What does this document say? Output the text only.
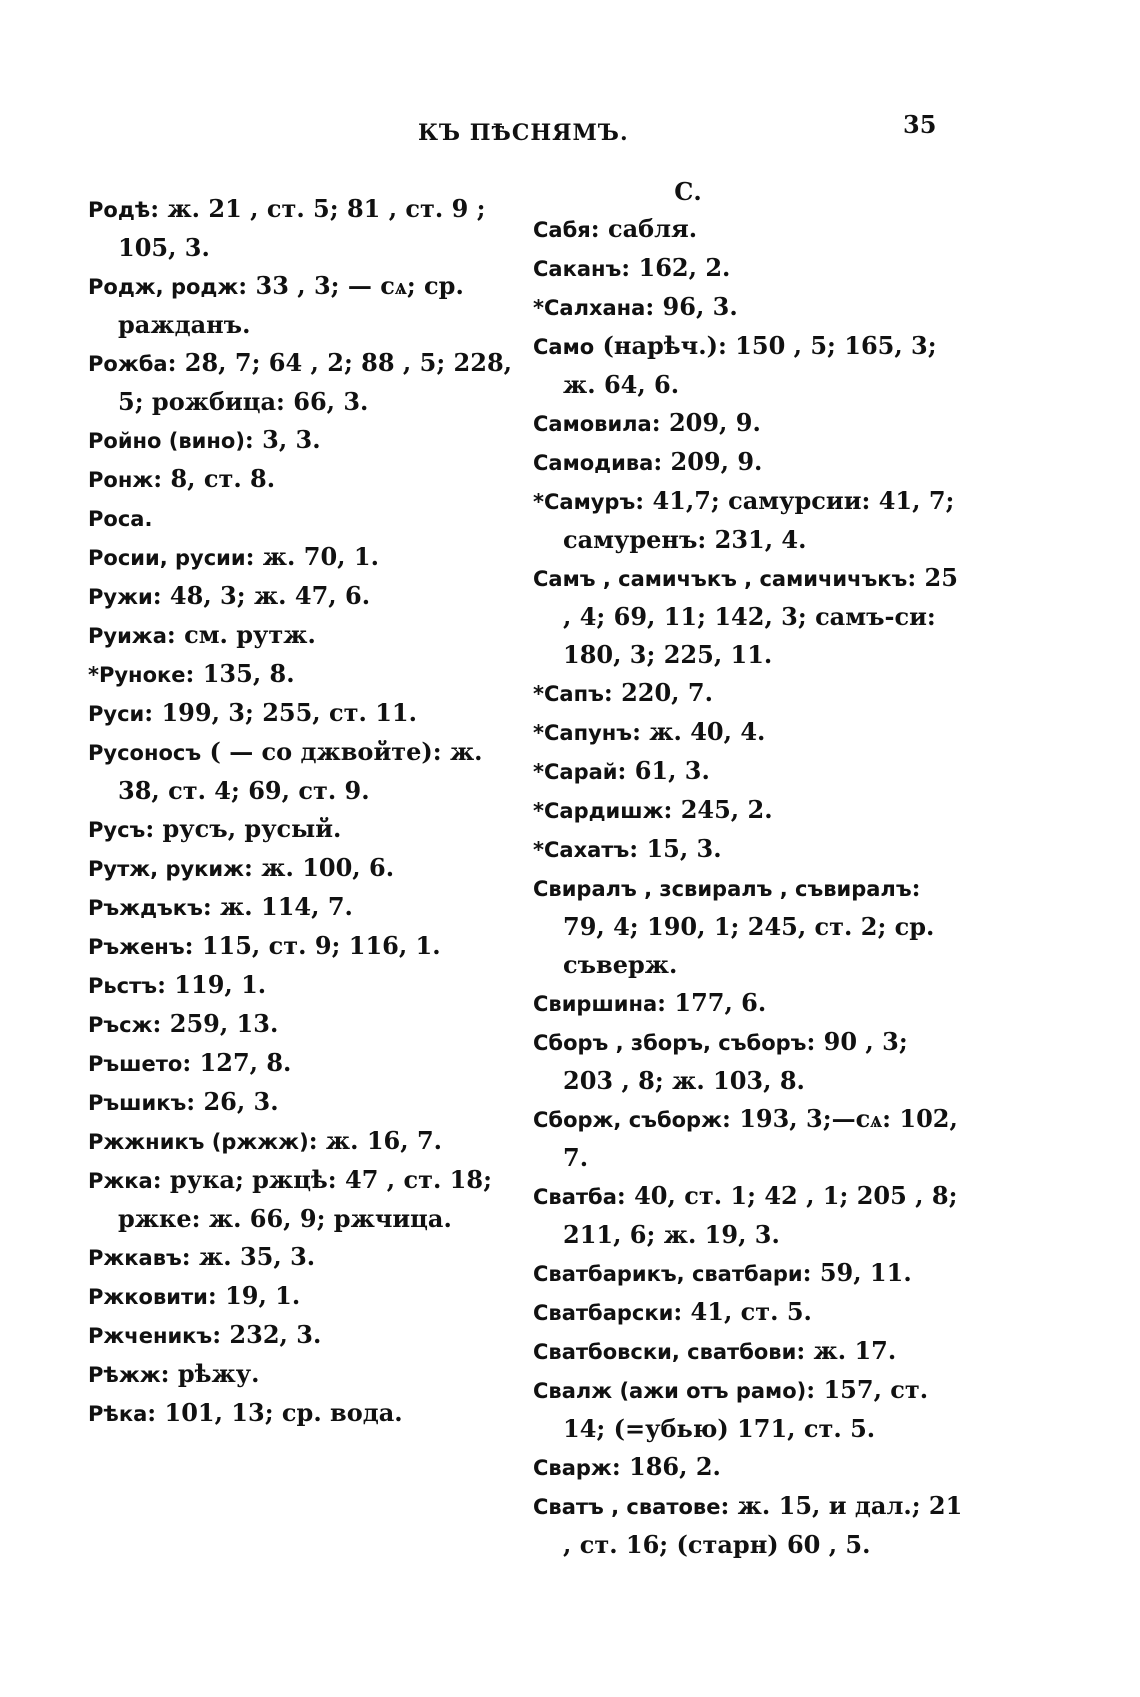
КЪ ПѢСНЯМЪ.	35

Родѣ: ж. 21 , ст. 5; 81 , ст. 9 ; 105, 3.

Родж, родж: 33 , 3; — сѧ; ср. ражданъ.

Рожба: 28, 7; 64 , 2; 88 , 5; 228, 5; рожбица: 66, 3.

Ройно (вино): 3, 3.

Ронж: 8, ст. 8.

Роса.

Росии, русии: ж. 70, 1.

Ружи: 48, 3; ж. 47, 6.

Руижа: см. рутж.

*Руноке: 135, 8.

Руси: 199, 3; 255, ст. 11.

Русоносъ ( — со джвойте): ж. 38, ст. 4; 69, ст. 9.

Русъ: русъ, русый.

Рутж, рукиж: ж. 100, 6.

Ръждъкъ: ж. 114, 7.

Ръженъ: 115, ст. 9; 116, 1.

Рьстъ: 119, 1.

Ръсж: 259, 13.

Ръшето: 127, 8.

Ръшикъ: 26, 3.

Ржжникъ (ржжж): ж. 16, 7.

Ржка: рука; ржцѣ: 47 , ст. 18; ржке: ж. 66, 9; ржчица.

Ржкавъ: ж. 35, 3.

Ржковити: 19, 1.

Ржченикъ: 232, 3.

Рѣжж: рѣжу.

Рѣка: 101, 13; ср. вода.

С.

Сабя: сабля.

Саканъ: 162, 2.

*Салхана: 96, 3.

Само (нарѣч.): 150 , 5; 165, 3; ж. 64, 6.

Самовила: 209, 9.

Самодива: 209, 9.

*Самуръ: 41,7; самурсии: 41, 7; самуренъ: 231, 4.

Самъ , самичъкъ , самичичъкъ: 25 , 4; 69, 11; 142, 3; самъ-си: 180, 3; 225, 11.

*Сапъ: 220, 7.

*Сапунъ: ж. 40, 4.

*Сарай: 61, 3.

*Сардишж: 245, 2.

*Сахатъ: 15, 3.

Свиралъ , зсвиралъ , съвиралъ: 79, 4; 190, 1; 245, ст. 2; ср. съверж.

Свиршина: 177, 6.

Сборъ , зборъ, съборъ: 90 , 3; 203 , 8; ж. 103, 8.

Сборж, съборж: 193, 3;—сѧ: 102, 7.

Сватба: 40, ст. 1; 42 , 1; 205 , 8; 211, 6; ж. 19, 3.

Сватбарикъ, сватбари: 59, 11.

Сватбарски: 41, ст. 5.

Сватбовски, сватбови: ж. 17.

Свалж (ажи отъ рамо): 157, ст. 14; (=убью) 171, ст. 5.

Сварж: 186, 2.

Сватъ , сватове: ж. 15, и дал.; 21 , ст. 16; (старн) 60 , 5.
